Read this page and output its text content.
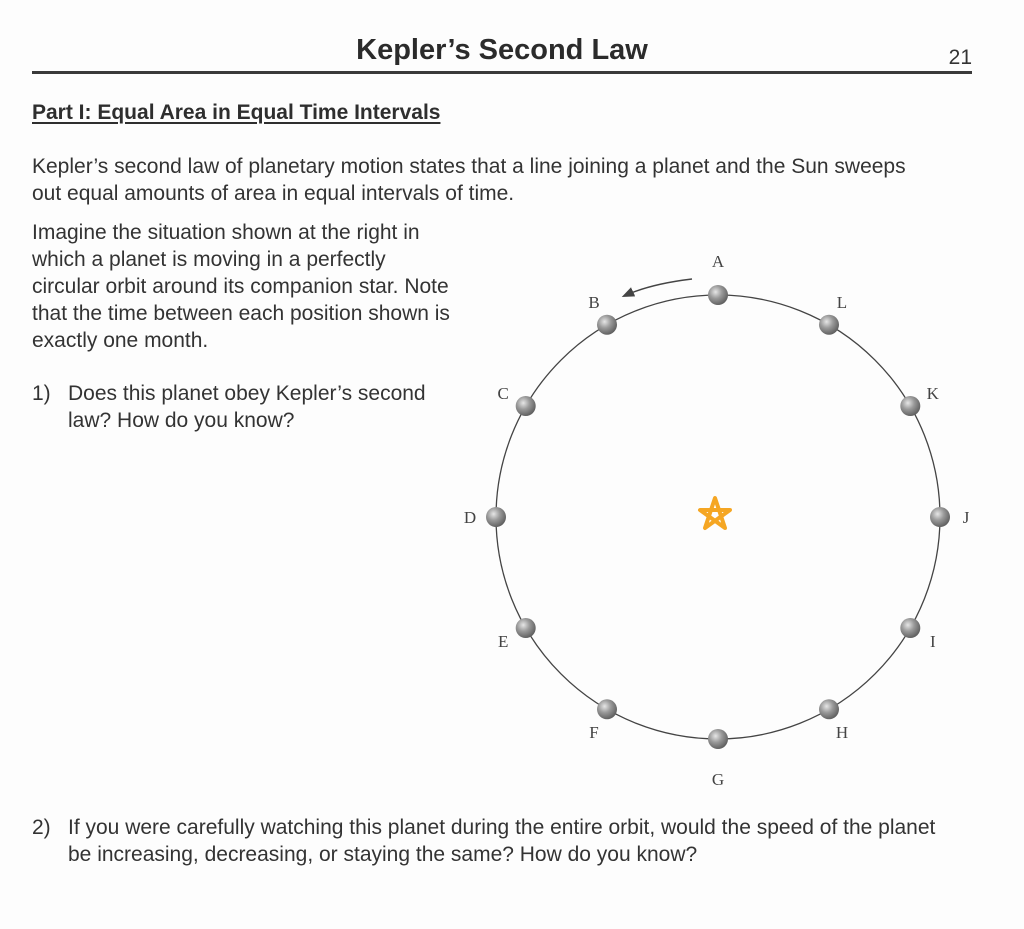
Kepler’s Second Law	21
Part I: Equal Area in Equal Time Intervals

Kepler’s second law of planetary motion states that a line joining a planet and the Sun sweeps out equal amounts of area in equal intervals of time.

Imagine the situation shown at the right in which a planet is moving in a perfectly circular orbit around its companion star. Note that the time between each position shown is exactly one month.

1) Does this planet obey Kepler’s second law? How do you know?
2) If you were carefully watching this planet during the entire orbit, would the speed of the planet be increasing, decreasing, or staying the same? How do you know?
A
B
C
D
E
F
G
H
I
J
K
L
